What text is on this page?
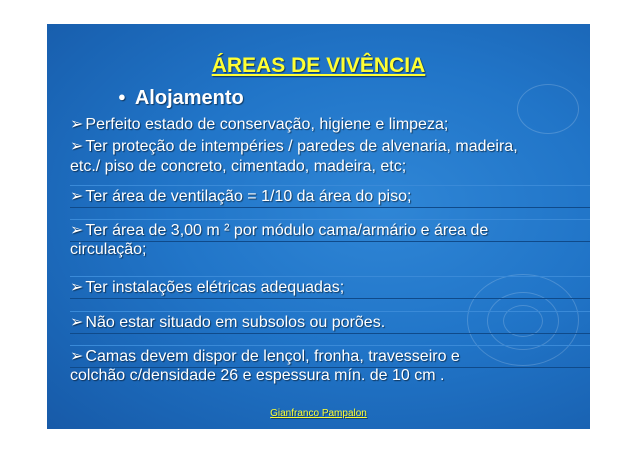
ÁREAS DE VIVÊNCIA
● Alojamento
➢ Perfeito estado de conservação, higiene e limpeza;
➢ Ter proteção de intempéries / paredes de alvenaria, madeira,
etc./ piso de concreto, cimentado, madeira, etc;
➢ Ter área de ventilação = 1/10 da área do piso;
➢ Ter área de 3,00 m ² por módulo cama/armário e área de
circulação;
➢ Ter instalações elétricas adequadas;
➢ Não estar situado em subsolos ou porões.
➢ Camas devem dispor de lençol, fronha, travesseiro e
colchão c/densidade 26 e espessura mín. de 10 cm .
Gianfranco Pampalon
